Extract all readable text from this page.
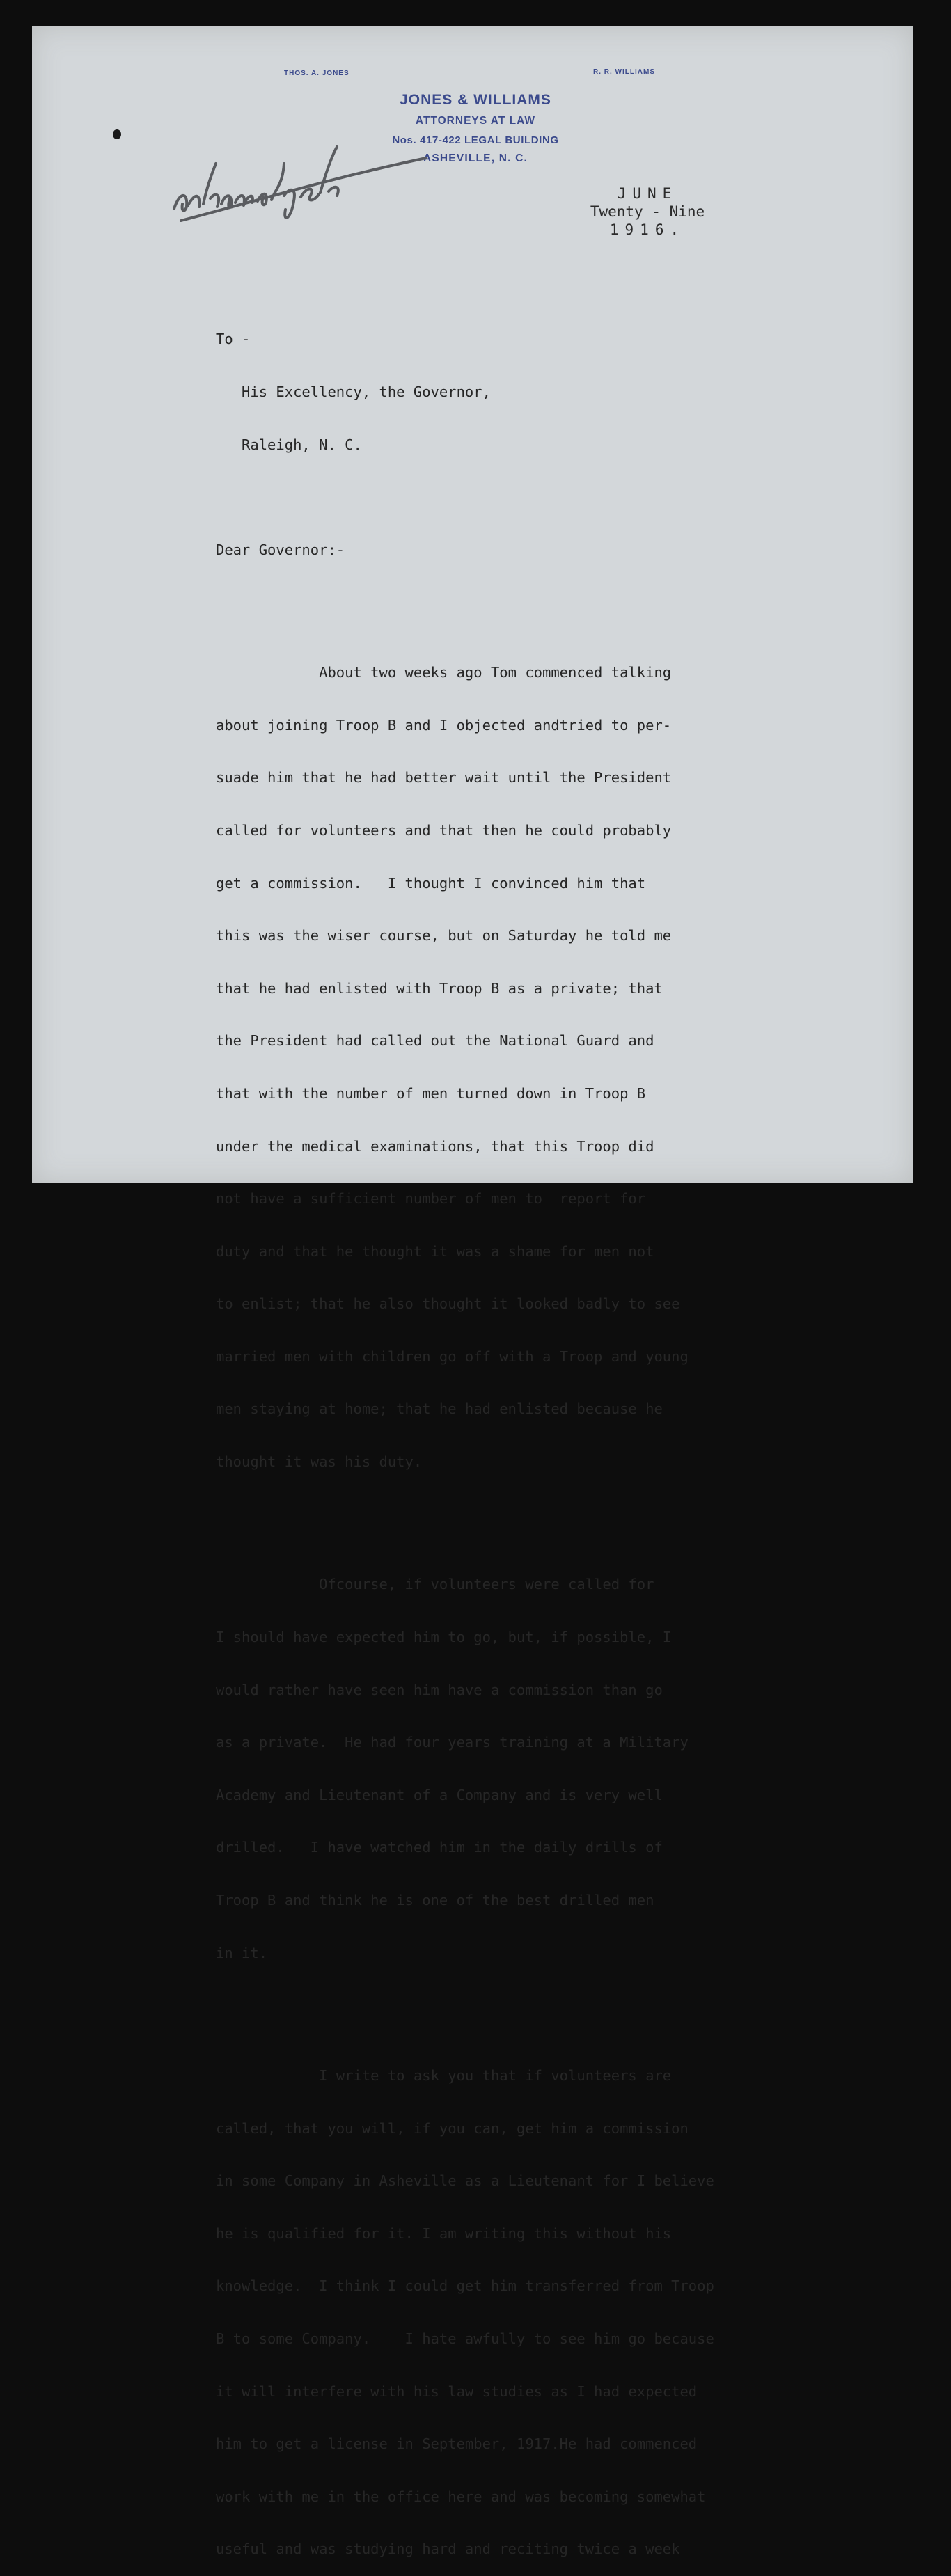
THOS. A. JONES	R. R. WILLIAMS
JONES & WILLIAMS
ATTORNEYS AT LAW
Nos. 417-422 LEGAL BUILDING
ASHEVILLE, N. C.
JUNE
Twenty - Nine
1916.

To -

His Excellency, the Governor,

Raleigh, N. C.

Dear Governor:-

About two weeks ago Tom commenced talking

about joining Troop B and I objected andtried to per-

suade him that he had better wait until the President

called for volunteers and that then he could probably

get a commission.   I thought I convinced him that

this was the wiser course, but on Saturday he told me

that he had enlisted with Troop B as a private; that

the President had called out the National Guard and

that with the number of men turned down in Troop B

under the medical examinations, that this Troop did

not have a sufficient number of men to  report for

duty and that he thought it was a shame for men not

to enlist; that he also thought it looked badly to see

married men with children go off with a Troop and young

men staying at home; that he had enlisted because he

thought it was his duty.

Ofcourse, if volunteers were called for

I should have expected him to go, but, if possible, I

would rather have seen him have a commission than go

as a private.  He had four years training at a Military

Academy and Lieutenant of a Company and is very well

drilled.   I have watched him in the daily drills of

Troop B and think he is one of the best drilled men

in it.

I write to ask you that if volunteers are

called, that you will, if you can, get him a commission

in some Company in Asheville as a Lieutenant for I believe

he is qualified for it. I am writing this without his

knowledge.  I think I could get him transferred from Troop

B to some Company.    I hate awfully to see him go because

it will interfere with his law studies as I had expected

him to get a license in September, 1917.He had commenced

work with me in the office here and was becoming somewhat

useful and was studying hard and reciting twice a week
